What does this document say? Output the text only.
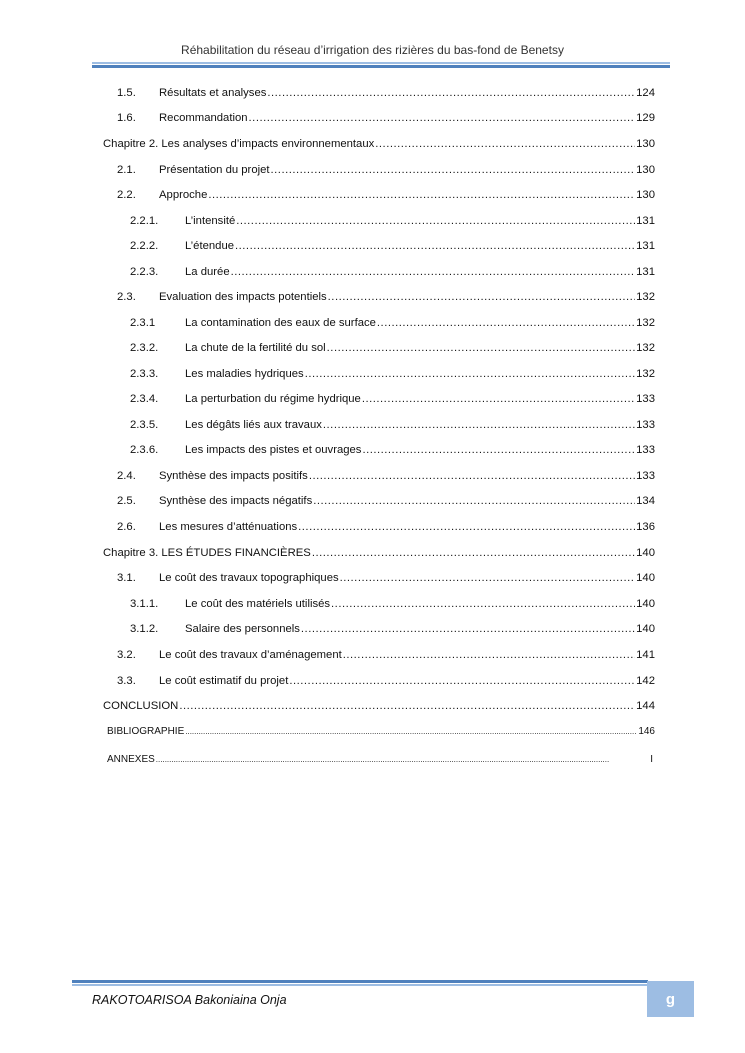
Réhabilitation du réseau d’irrigation des rizières du bas-fond de Benetsy
1.5.	Résultats et analyses .....	124
1.6.	Recommandation .....	129
Chapitre 2. Les analyses d’impacts environnementaux .....	130
2.1.	Présentation du projet .....	130
2.2.	Approche .....	130
2.2.1.	L’intensité .....	131
2.2.2.	L’étendue .....	131
2.2.3.	La durée .....	131
2.3.	Evaluation des impacts potentiels .....	132
2.3.1	La contamination des eaux de surface .....	132
2.3.2.	La chute de la fertilité du sol .....	132
2.3.3.	Les maladies hydriques .....	132
2.3.4.	La perturbation du régime hydrique .....	133
2.3.5.	Les dégâts liés aux travaux .....	133
2.3.6.	Les impacts des pistes et ouvrages .....	133
2.4.	Synthèse des impacts positifs .....	133
2.5.	Synthèse des impacts négatifs .....	134
2.6.	Les mesures d’atténuations .....	136
Chapitre 3. LES ÉTUDES FINANCIÈRES .....	140
3.1.	Le coût des travaux topographiques .....	140
3.1.1.	Le coût des matériels utilisés .....	140
3.1.2.	Salaire des personnels .....	140
3.2.	Le coût des travaux d’aménagement .....	141
3.3.	Le coût estimatif du projet .....	142
CONCLUSION .....	144
BIBLIOGRAPHIE .....	146
ANNEXES .....	I
RAKOTOARISOA Bakoniaina Onja	g
